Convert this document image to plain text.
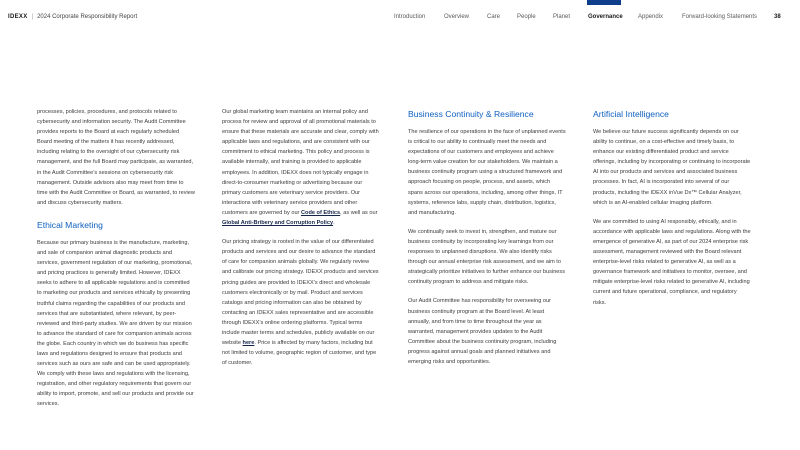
IDEXX | 2024 Corporate Responsibility Report	Introduction	Overview	Care	People	Planet	Governance	Appendix	Forward-looking Statements	38

processes, policies, procedures, and protocols related to cybersecurity and information security. The Audit Committee provides reports to the Board at each regularly scheduled Board meeting of the matters it has recently addressed, including relating to the oversight of our cybersecurity risk management, and the full Board may participate, as warranted, in the Audit Committee’s sessions on cybersecurity risk management. Outside advisors also may meet from time to time with the Audit Committee or Board, as warranted, to review and discuss cybersecurity matters.

Ethical Marketing

Because our primary business is the manufacture, marketing, and sale of companion animal diagnostic products and services, government regulation of our marketing, promotional, and pricing practices is generally limited. However, IDEXX seeks to adhere to all applicable regulations and is committed to marketing our products and services ethically by presenting truthful claims regarding the capabilities of our products and services that are substantiated, where relevant, by peer-reviewed and third-party studies. We are driven by our mission to advance the standard of care for companion animals across the globe. Each country in which we do business has specific laws and regulations designed to ensure that products and services such as ours are safe and can be used appropriately. We comply with these laws and regulations with the licensing, registration, and other regulatory requirements that govern our ability to import, promote, and sell our products and provide our services.

Our global marketing team maintains an internal policy and process for review and approval of all promotional materials to ensure that these materials are accurate and clear, comply with applicable laws and regulations, and are consistent with our commitment to ethical marketing. This policy and process is available internally, and training is provided to applicable employees. In addition, IDEXX does not typically engage in direct-to-consumer marketing or advertising because our primary customers are veterinary service providers. Our interactions with veterinary service providers and other customers are governed by our Code of Ethics, as well as our Global Anti-Bribery and Corruption Policy.

Our pricing strategy is rooted in the value of our differentiated products and services and our desire to advance the standard of care for companion animals globally. We regularly review and calibrate our pricing strategy. IDEXX products and services pricing guides are provided to IDEXX’s direct and wholesale customers electronically or by mail. Product and services catalogs and pricing information can also be obtained by contacting an IDEXX sales representative and are accessible through IDEXX’s online ordering platforms. Typical terms include master terms and schedules, publicly available on our website here. Price is affected by many factors, including but not limited to volume, geographic region of customer, and type of customer.

Business Continuity & Resilience

The resilience of our operations in the face of unplanned events is critical to our ability to continually meet the needs and expectations of our customers and employees and achieve long-term value creation for our stakeholders. We maintain a business continuity program using a structured framework and approach focusing on people, process, and assets, which spans across our operations, including, among other things, IT systems, reference labs, supply chain, distribution, logistics, and manufacturing.

We continually seek to invest in, strengthen, and mature our business continuity by incorporating key learnings from our responses to unplanned disruptions. We also identify risks through our annual enterprise risk assessment, and we aim to strategically prioritize initiatives to further enhance our business continuity program to address and mitigate risks.

Our Audit Committee has responsibility for overseeing our business continuity program at the Board level. At least annually, and from time to time throughout the year as warranted, management provides updates to the Audit Committee about the business continuity program, including progress against annual goals and planned initiatives and emerging risks and opportunities.

Artificial Intelligence

We believe our future success significantly depends on our ability to continue, on a cost-effective and timely basis, to enhance our existing differentiated product and service offerings, including by incorporating or continuing to incorporate AI into our products and services and associated business processes. In fact, AI is incorporated into several of our products, including the IDEXX inVue Dx™ Cellular Analyzer, which is an AI-enabled cellular imaging platform.

We are committed to using AI responsibly, ethically, and in accordance with applicable laws and regulations. Along with the emergence of generative AI, as part of our 2024 enterprise risk assessment, management reviewed with the Board relevant enterprise-level risks related to generative AI, as well as a governance framework and initiatives to monitor, oversee, and mitigate enterprise-level risks related to generative AI, including current and future operational, compliance, and regulatory risks.
